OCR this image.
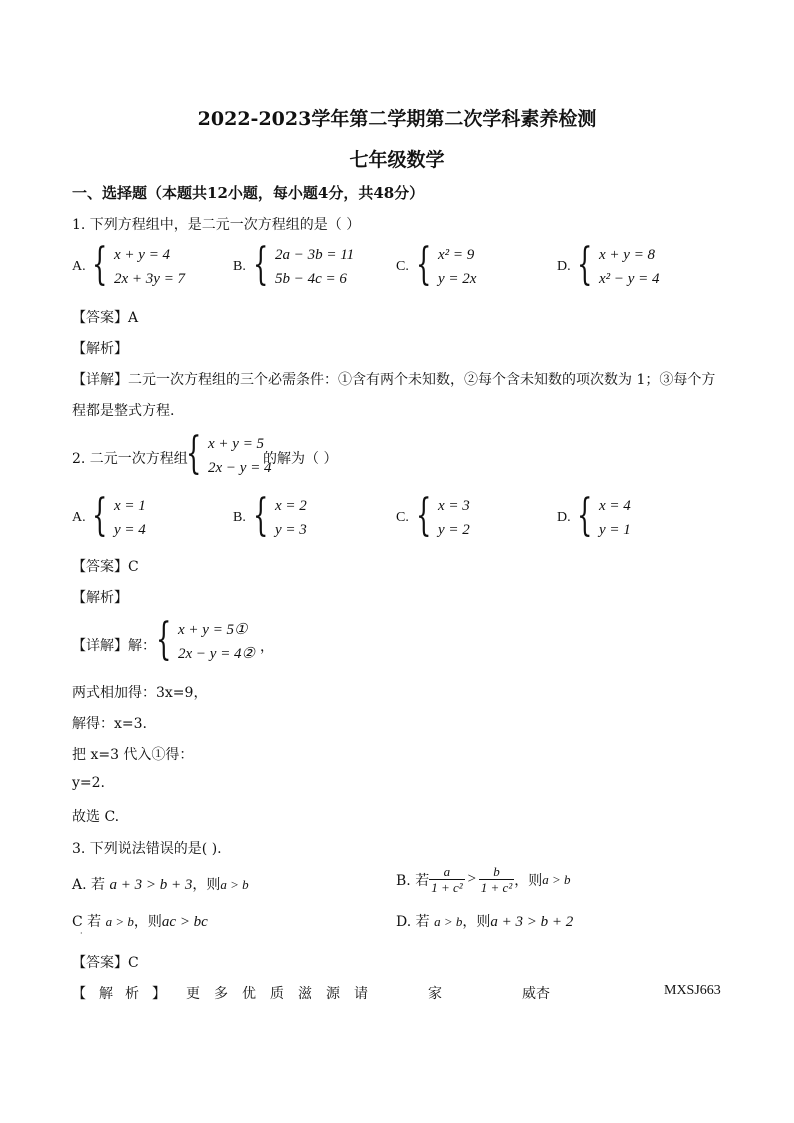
2022-2023学年第二学期第二次学科素养检测
七年级数学
一、选择题（本题共12小题，每小题4分，共48分）
1. 下列方程组中，是二元一次方程组的是（ ）
A. { x + y = 4
2x + 3y = 7
B. { 2a − 3b = 11
5b − 4c = 6
C. { x² = 9
y = 2x
D. { x + y = 8
x² − y = 4
【答案】A
【解析】
【详解】二元一次方程组的三个必需条件：①含有两个未知数，②每个含未知数的项次数为 1；③每个方
程都是整式方程.
2. 二元一次方程组
{ x + y = 5
2x − y = 4
的解为（ ）
A. { x = 1
y = 4
B. { x = 2
y = 3
C. { x = 3
y = 2
D. { x = 4
y = 1
【答案】C
【解析】
【详解】解： { x + y = 5①
2x − y = 4② ，
两式相加得：3x=9，
解得：x=3.
把 x=3 代入①得：
y=2.
故选 C.
3. 下列说法错误的是( ).
A. 若 a + 3 > b + 3，则a > b	B. 若 $\frac{a}{\text{1 + c²}} > \frac{b}{\text{1 + c²}}$ ，则 a > b
C 若 a > b，则ac > bc	D. 若 a > b，则a + 3 > b + 2
·
【答案】C
【 解 析 】 更 多 优 质 滋 源 请	家	威杏	MXSJ663
